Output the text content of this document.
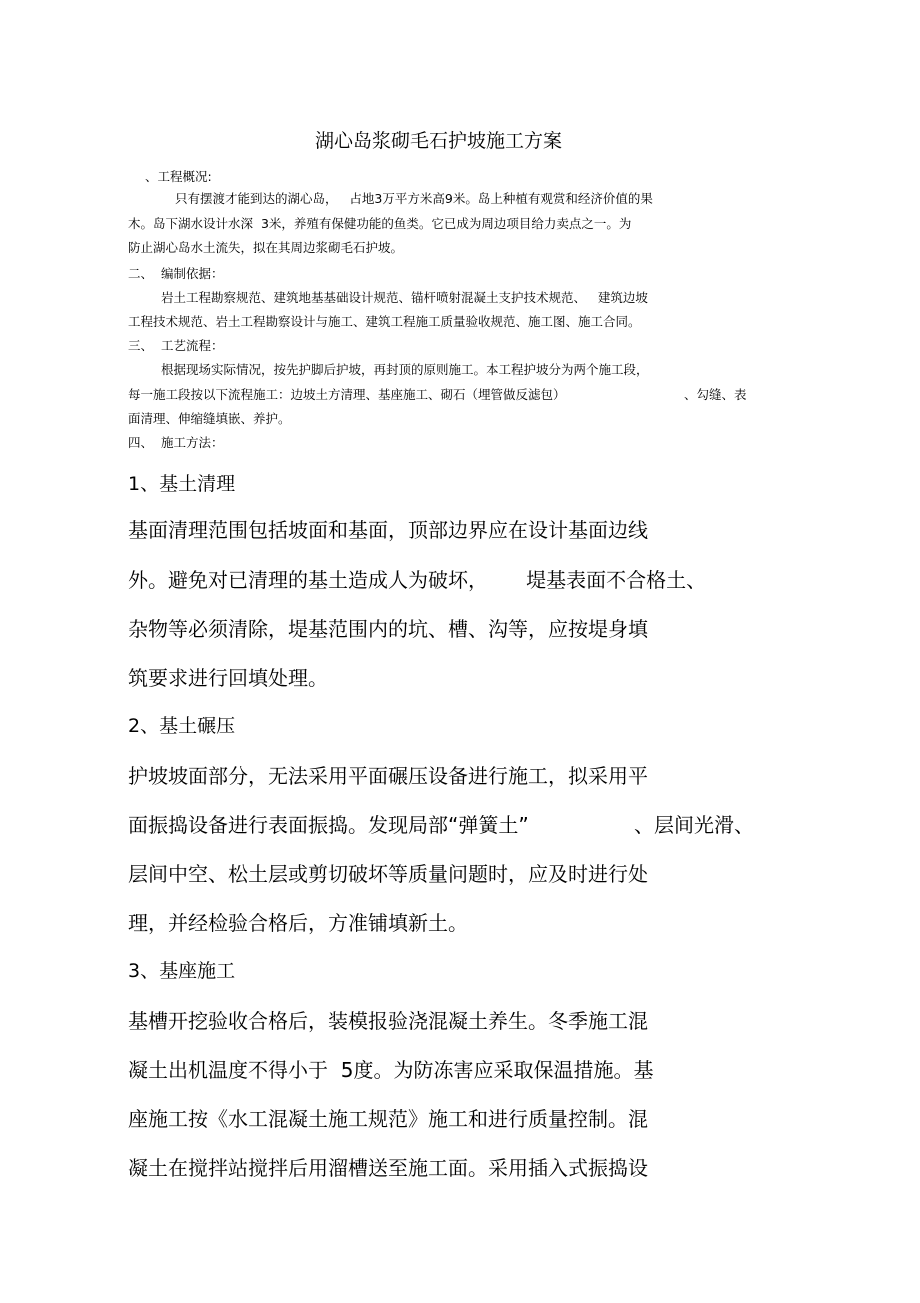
湖心岛浆砌毛石护坡施工方案
、工程概况:
只有摆渡才能到达的湖心岛，   占地3万平方米高9米。岛上种植有观赏和经济价值的果
木。岛下湖水设计水深  3米，养殖有保健功能的鱼类。它已成为周边项目给力卖点之一。为
防止湖心岛水土流失，拟在其周边浆砌毛石护坡。
二、  编制依据：
岩土工程勘察规范、建筑地基基础设计规范、锚杆喷射混凝土支护技术规范、   建筑边坡
工程技术规范、岩土工程勘察设计与施工、建筑工程施工质量验收规范、施工图、施工合同。
三、  工艺流程：
根据现场实际情况，按先护脚后护坡，再封顶的原则施工。本工程护坡分为两个施工段，
每一施工段按以下流程施工：边坡土方清理、基座施工、砌石（埋管做反滤包）	、勾缝、表
面清理、伸缩缝填嵌、养护。
四、  施工方法：
1、基土清理
基面清理范围包括坡面和基面，顶部边界应在设计基面边线
外。避免对已清理的基土造成人为破坏，      堤基表面不合格土、
杂物等必须清除，堤基范围内的坑、槽、沟等，应按堤身填
筑要求进行回填处理。
2、基土碾压
护坡坡面部分，无法采用平面碾压设备进行施工，拟采用平
面振捣设备进行表面振捣。发现局部“弹簧土”	、层间光滑、
层间中空、松土层或剪切破坏等质量问题时，应及时进行处
理，并经检验合格后，方准铺填新土。
3、基座施工
基槽开挖验收合格后，装模报验浇混凝土养生。冬季施工混
凝土出机温度不得小于  5度。为防冻害应采取保温措施。基
座施工按《水工混凝土施工规范》施工和进行质量控制。混
凝土在搅拌站搅拌后用溜槽送至施工面。采用插入式振捣设
